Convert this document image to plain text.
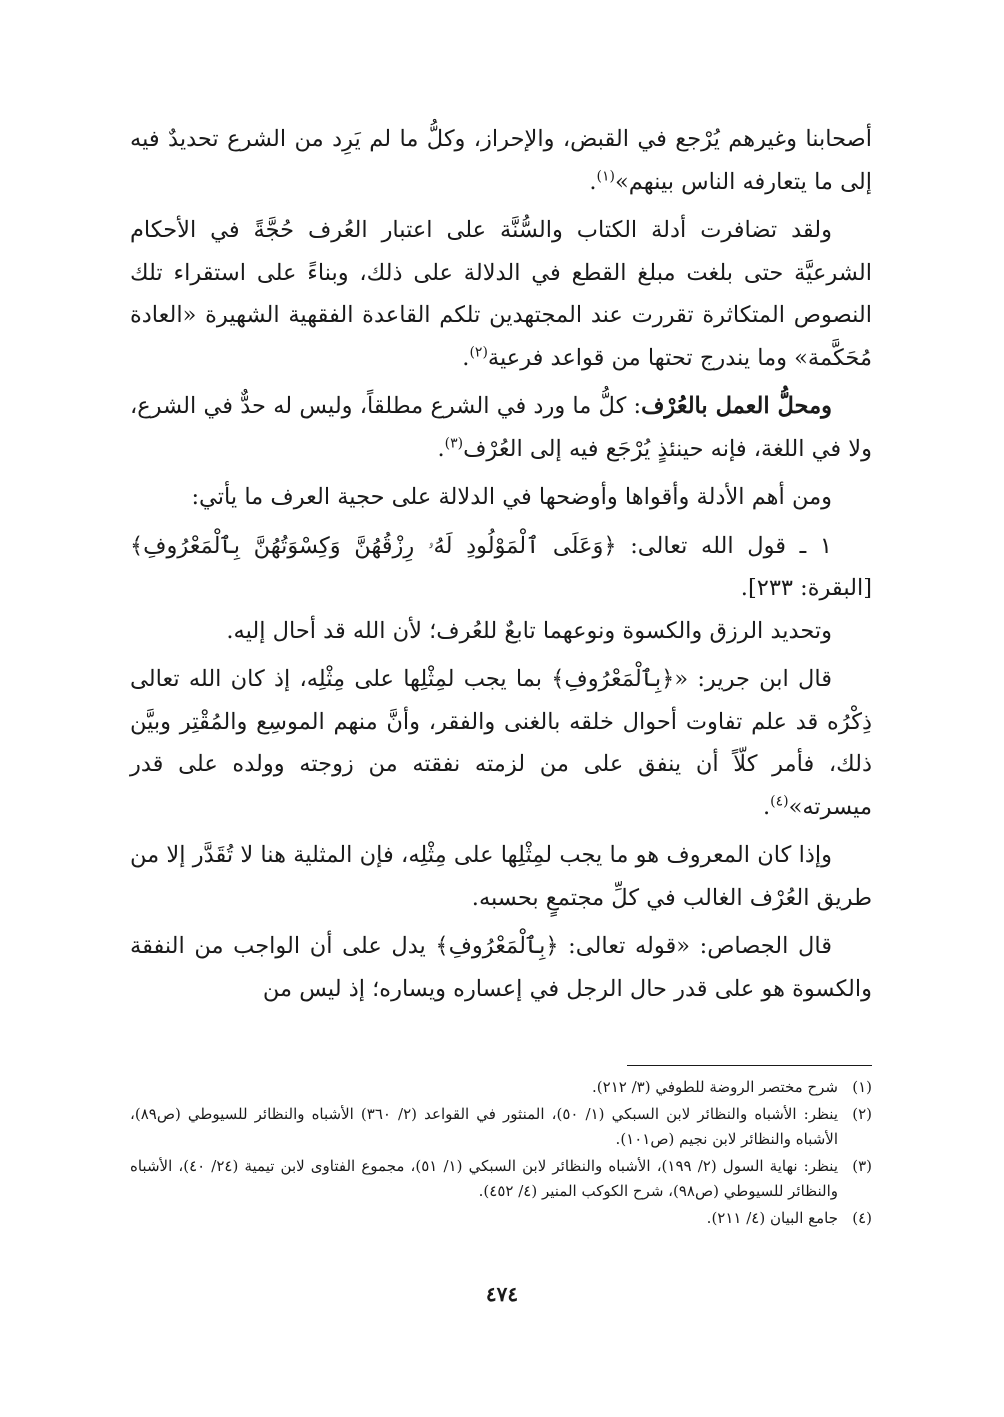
أصحابنا وغيرهم يُرْجع في القبض، والإحراز، وكلُّ ما لم يَرِد من الشرع تحديدٌ فيه إلى ما يتعارفه الناس بينهم»$^{(١)}$.

ولقد تضافرت أدلة الكتاب والسُّنَّة على اعتبار العُرف حُجَّةً في الأحكام الشرعيَّة حتى بلغت مبلغ القطع في الدلالة على ذلك، وبناءً على استقراء تلك النصوص المتكاثرة تقررت عند المجتهدين تلكم القاعدة الفقهية الشهيرة «العادة مُحَكَّمة» وما يندرج تحتها من قواعد فرعية$^{(٢)}$.

ومحلُّ العمل بالعُرْف: كلُّ ما ورد في الشرع مطلقاً، وليس له حدٌّ في الشرع، ولا في اللغة، فإنه حينئذٍ يُرْجَع فيه إلى العُرْف$^{(٣)}$.

ومن أهم الأدلة وأقواها وأوضحها في الدلالة على حجية العرف ما يأتي:

١ ـ قول الله تعالى: ﴿وَعَلَى ٱلْمَوْلُودِ لَهُۥ رِزْقُهُنَّ وَكِسْوَتُهُنَّ بِٱلْمَعْرُوفِ﴾ [البقرة: ٢٣٣].

وتحديد الرزق والكسوة ونوعهما تابعٌ للعُرف؛ لأن الله قد أحال إليه.

قال ابن جرير: «﴿بِٱلْمَعْرُوفِ﴾ بما يجب لمِثْلِها على مِثْلِه، إذ كان الله تعالى ذِكْرُه قد علم تفاوت أحوال خلقه بالغنى والفقر، وأنَّ منهم الموسِع والمُقْتِر وبيَّن ذلك، فأمر كلّاً أن ينفق على من لزمته نفقته من زوجته وولده على قدر ميسرته»$^{(٤)}$.

وإذا كان المعروف هو ما يجب لمِثْلِها على مِثْلِه، فإن المثلية هنا لا تُقَدَّر إلا من طريق العُرْف الغالب في كلِّ مجتمعٍ بحسبه.

قال الجصاص: «قوله تعالى: ﴿بِٱلْمَعْرُوفِ﴾ يدل على أن الواجب من النفقة والكسوة هو على قدر حال الرجل في إعساره ويساره؛ إذ ليس من

(١)
شرح مختصر الروضة للطوفي (٣/ ٢١٢).
(٢)
ينظر: الأشباه والنظائر لابن السبكي (١/ ٥٠)، المنثور في القواعد (٢/ ٣٦٠) الأشباه والنظائر للسيوطي (ص٨٩)، الأشباه والنظائر لابن نجيم (ص١٠١).
(٣)
ينظر: نهاية السول (٢/ ١٩٩)، الأشباه والنظائر لابن السبكي (١/ ٥١)، مجموع الفتاوى لابن تيمية (٢٤/ ٤٠)، الأشباه والنظائر للسيوطي (ص٩٨)، شرح الكوكب المنير (٤/ ٤٥٢).
(٤)
جامع البيان (٤/ ٢١١).
٤٧٤
